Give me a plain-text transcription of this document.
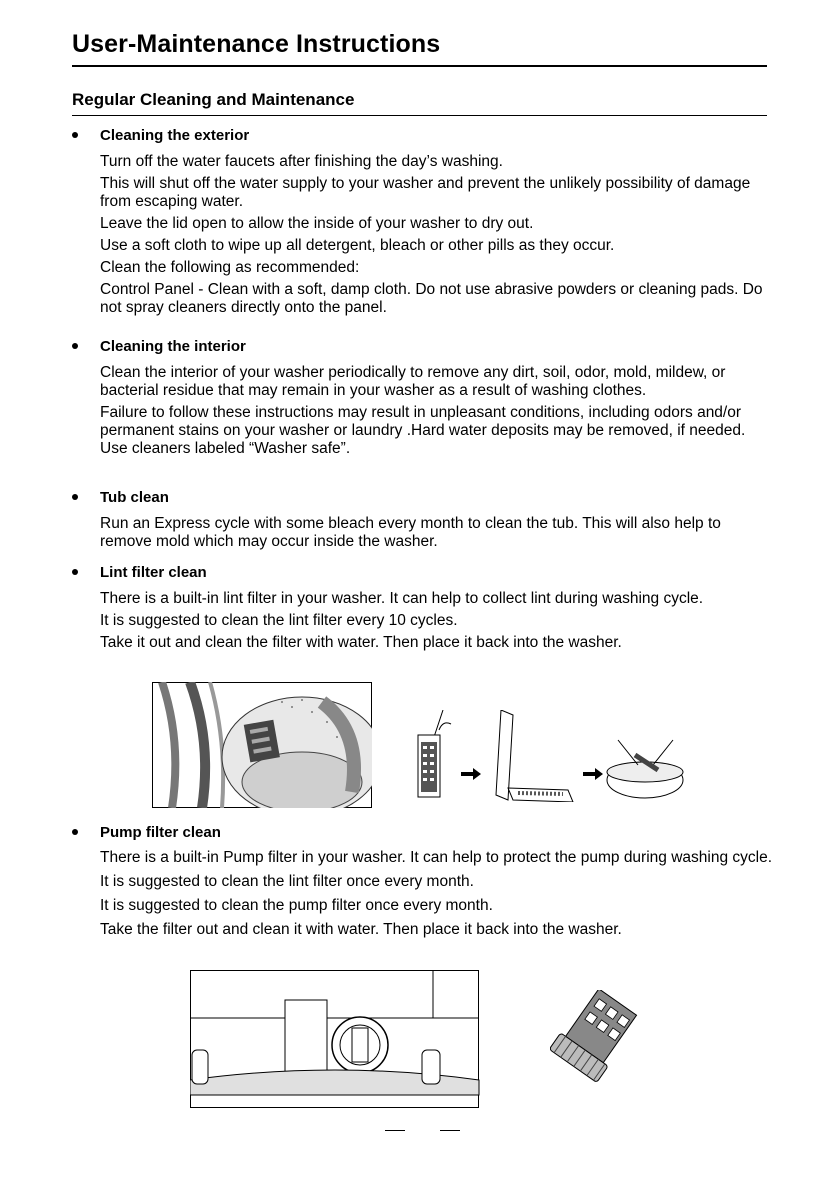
User-Maintenance Instructions
Regular Cleaning and Maintenance
Cleaning the exterior
Turn off the water faucets after finishing the day’s washing.
This will shut off the water supply to your washer and prevent the unlikely possibility of damage from escaping water.
Leave the lid open to allow the inside of your washer to dry out.
Use a soft cloth to wipe up all detergent, bleach or other pills as they occur.
Clean the following as recommended:
Control Panel - Clean with a soft, damp cloth. Do not use abrasive powders or cleaning pads. Do not spray cleaners directly onto the panel.
Cleaning the interior
Clean the interior of your washer periodically to remove any dirt, soil, odor, mold, mildew, or bacterial residue that may remain in your washer as a result of washing clothes.
Failure to follow these instructions may result in unpleasant conditions, including odors and/or permanent stains on your washer or laundry .Hard water deposits may be removed, if needed. Use cleaners labeled “Washer safe”.
Tub clean
Run an Express cycle with some bleach every month to clean the tub. This will also help to remove mold which may occur inside the washer.
Lint filter clean
There is a built-in lint filter in your washer. It can help to collect lint during washing cycle.
It is suggested to clean the lint filter every 10 cycles.
Take it out and clean the filter with water. Then place it back into the washer.
Pump filter clean
There is a built-in Pump filter in your washer. It can help to protect the pump during washing cycle.
It is suggested to clean the lint filter once every month.
It is suggested to clean the pump filter once every month.
Take the filter out and clean it with water. Then place it back into the washer.
